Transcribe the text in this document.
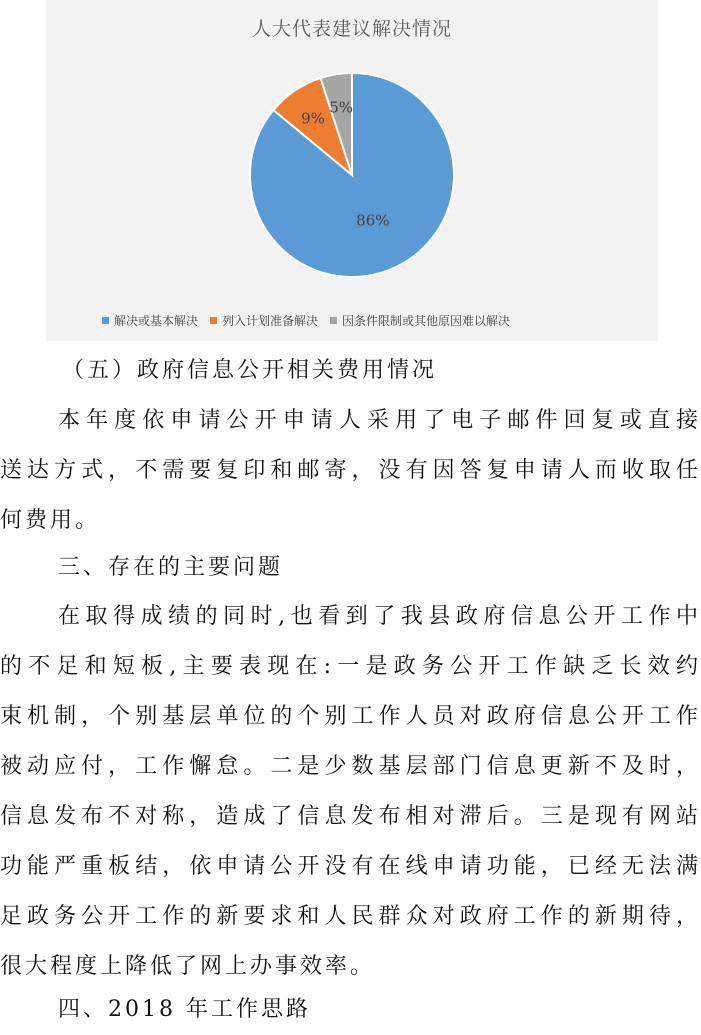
人大代表建议解决情况
86%
9%
5%
解决或基本解决 列入计划准备解决 因条件限制或其他原因难以解决
（五）政府信息公开相关费用情况
本年度依申请公开申请人采用了电子邮件回复或直接
送达方式，不需要复印和邮寄，没有因答复申请人而收取任
何费用。
三、存在的主要问题
在取得成绩的同时,也看到了我县政府信息公开工作中
的不足和短板,主要表现在:一是政务公开工作缺乏长效约
束机制，个别基层单位的个别工作人员对政府信息公开工作
被动应付，工作懈怠。二是少数基层部门信息更新不及时，
信息发布不对称，造成了信息发布相对滞后。三是现有网站
功能严重板结，依申请公开没有在线申请功能，已经无法满
足政务公开工作的新要求和人民群众对政府工作的新期待，
很大程度上降低了网上办事效率。
四、2018 年工作思路
